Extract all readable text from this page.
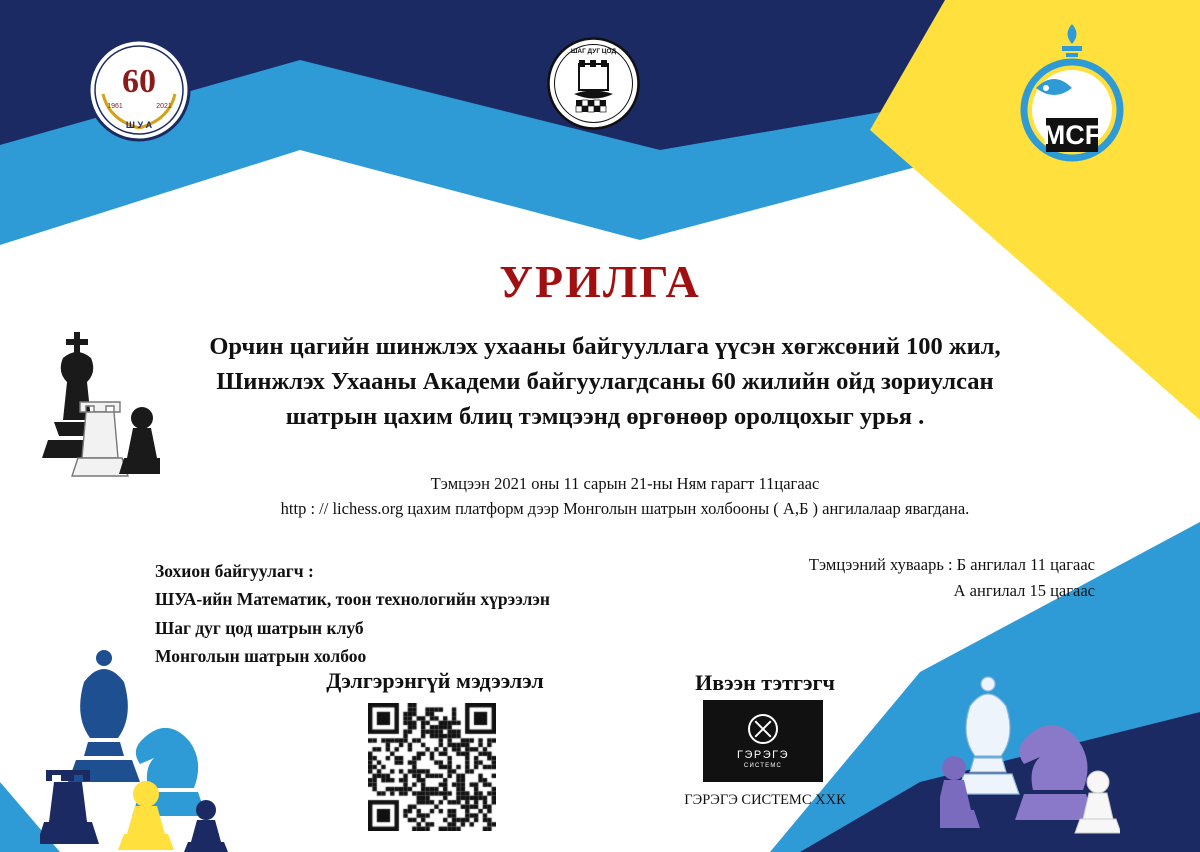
60
1961	2021
Ш У А
ШАГ ДУГ ЦОД
MCF
УРИЛГА
Орчин цагийн шинжлэх ухааны байгууллага үүсэн хөгжсөний 100 жил,
Шинжлэх Ухааны Академи байгуулагдсаны 60 жилийн ойд зориулсан
шатрын цахим блиц тэмцээнд өргөнөөр оролцохыг урья .
Тэмцээн 2021 оны 11 сарын 21-ны Ням гарагт 11цагаас
http : // lichess.org цахим платформ дээр Монголын шатрын холбооны ( А,Б ) ангилалаар явагдана.
Тэмцээний хуваарь : Б ангилал 11 цагаас
А ангилал 15 цагаас
Зохион байгуулагч :
ШУА-ийн Математик, тоон технологийн хүрээлэн
Шаг дуг цод шатрын клуб
Монголын шатрын холбоо
Дэлгэрэнгүй мэдээлэл	Ивээн тэтгэгч
ГЭРЭГЭ
СИСТЕМС
ГЭРЭГЭ СИСТЕМС ХХК
